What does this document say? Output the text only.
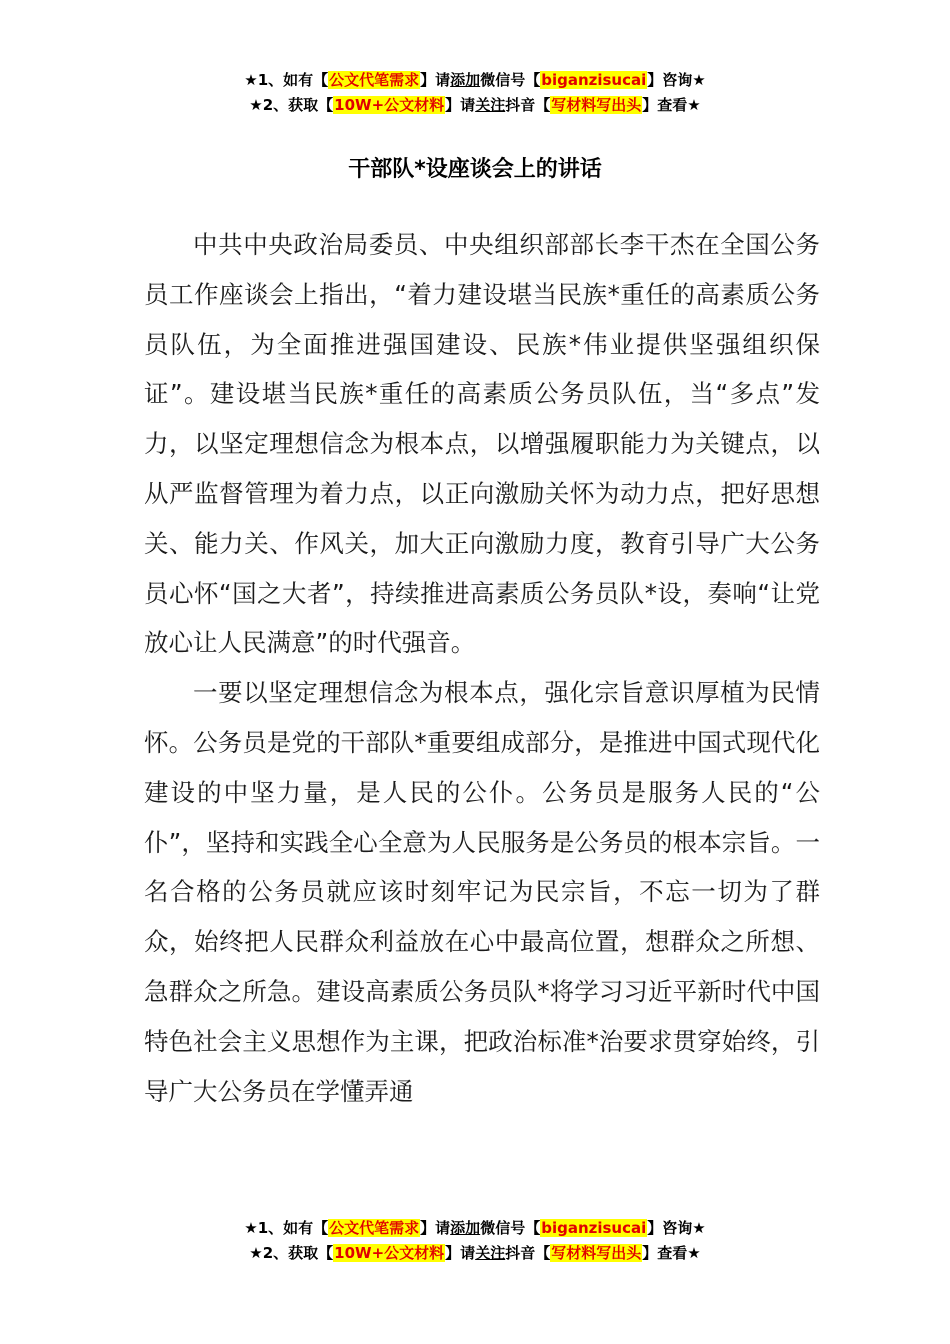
★1、如有【公文代笔需求】请添加微信号【biganzisucai】咨询★
★2、获取【10W+公文材料】请关注抖音【写材料写出头】查看★
干部队*设座谈会上的讲话

中共中央政治局委员、中央组织部部长李干杰在全国公务员工作座谈会上指出，“着力建设堪当民族*重任的高素质公务员队伍，为全面推进强国建设、民族*伟业提供坚强组织保证”。建设堪当民族*重任的高素质公务员队伍，当“多点”发力，以坚定理想信念为根本点，以增强履职能力为关键点，以从严监督管理为着力点，以正向激励关怀为动力点，把好思想关、能力关、作风关，加大正向激励力度，教育引导广大公务员心怀“国之大者”，持续推进高素质公务员队*设，奏响“让党放心让人民满意”的时代强音。

一要以坚定理想信念为根本点，强化宗旨意识厚植为民情怀。公务员是党的干部队*重要组成部分，是推进中国式现代化建设的中坚力量，是人民的公仆。公务员是服务人民的“公仆”，坚持和实践全心全意为人民服务是公务员的根本宗旨。一名合格的公务员就应该时刻牢记为民宗旨，不忘一切为了群众，始终把人民群众利益放在心中最高位置，想群众之所想、急群众之所急。建设高素质公务员队*将学习习近平新时代中国特色社会主义思想作为主课，把政治标准*治要求贯穿始终，引导广大公务员在学懂弄通

★1、如有【公文代笔需求】请添加微信号【biganzisucai】咨询★
★2、获取【10W+公文材料】请关注抖音【写材料写出头】查看★
